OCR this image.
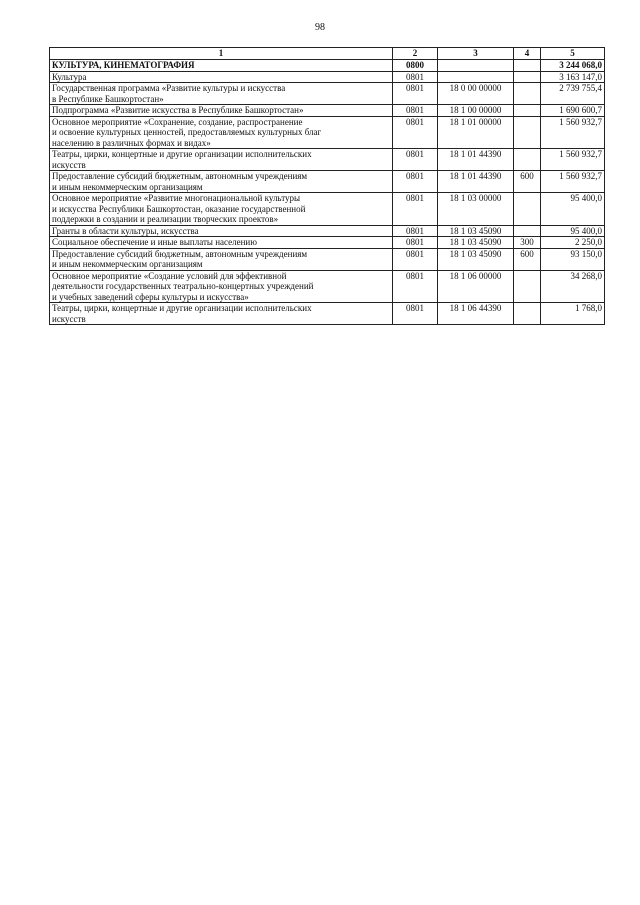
98
1	2	3	4	5
КУЛЬТУРА, КИНЕМАТОГРАФИЯ	0800			3 244 068,0
Культура	0801			3 163 147,0
Государственная программа «Развитие культуры и искусства
в Республике Башкортостан»	0801	18 0 00 00000		2 739 755,4
Подпрограмма «Развитие искусства в Республике Башкортостан»	0801	18 1 00 00000		1 690 600,7
Основное мероприятие «Сохранение, создание, распространение
и освоение культурных ценностей, предоставляемых культурных благ
населению в различных формах и видах»	0801	18 1 01 00000		1 560 932,7
Театры, цирки, концертные и другие организации исполнительских
искусств	0801	18 1 01 44390		1 560 932,7
Предоставление субсидий бюджетным, автономным учреждениям
и иным некоммерческим организациям	0801	18 1 01 44390	600	1 560 932,7
Основное мероприятие «Развитие многонациональной культуры
и искусства Республики Башкортостан, оказание государственной
поддержки в создании и реализации творческих проектов»	0801	18 1 03 00000		95 400,0
Гранты в области культуры, искусства	0801	18 1 03 45090		95 400,0
Социальное обеспечение и иные выплаты населению	0801	18 1 03 45090	300	2 250,0
Предоставление субсидий бюджетным, автономным учреждениям
и иным некоммерческим организациям	0801	18 1 03 45090	600	93 150,0
Основное мероприятие «Создание условий для эффективной
деятельности государственных театрально-концертных учреждений
и учебных заведений сферы культуры и искусства»	0801	18 1 06 00000		34 268,0
Театры, цирки, концертные и другие организации исполнительских
искусств	0801	18 1 06 44390		1 768,0
